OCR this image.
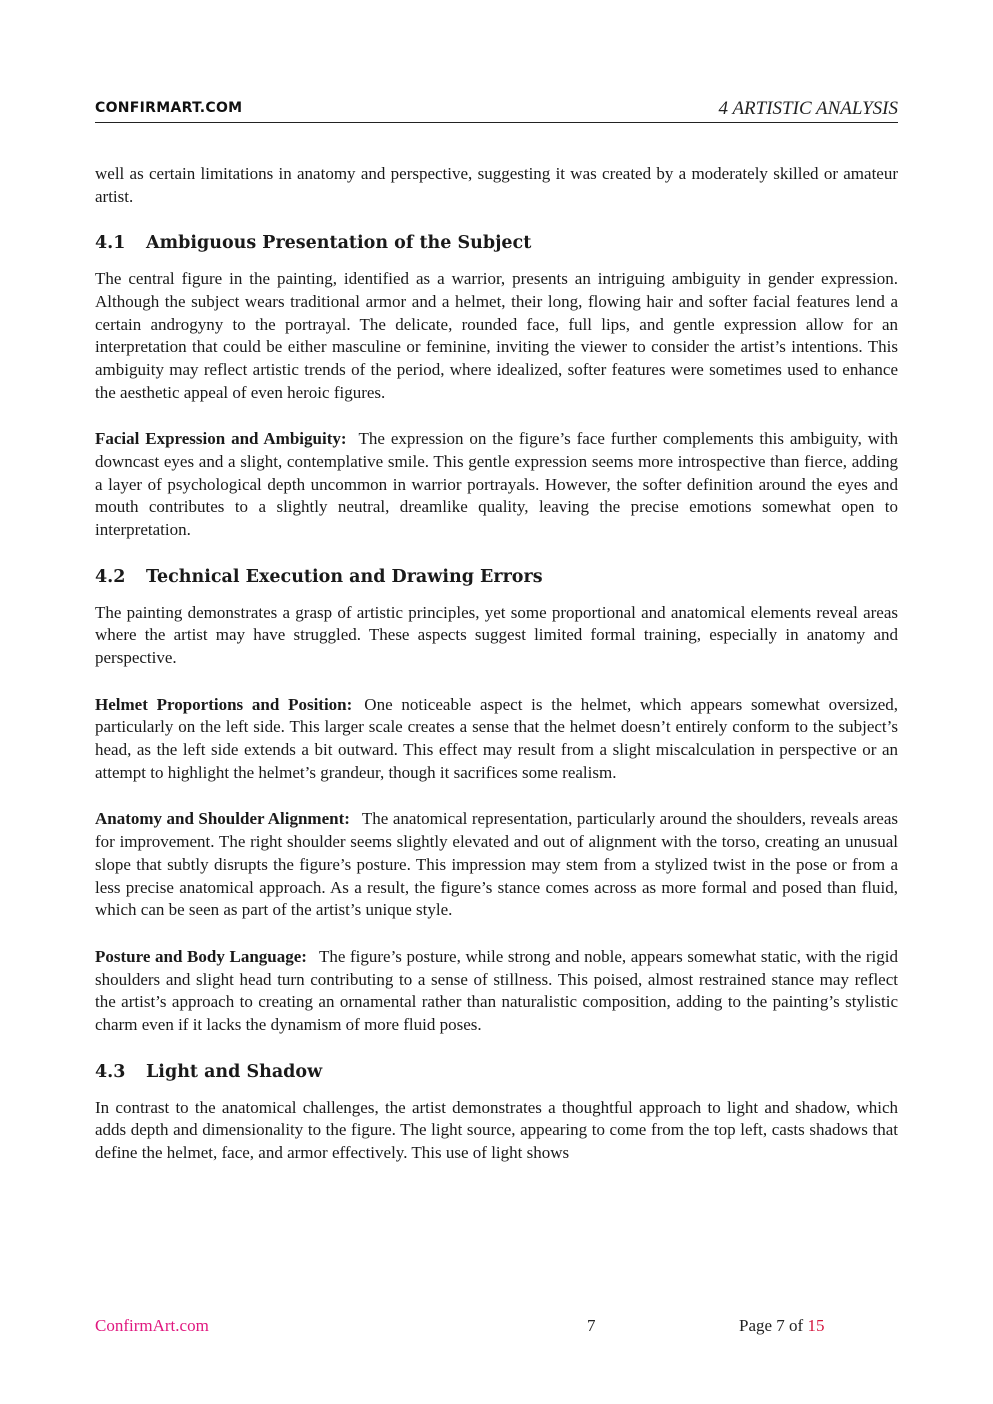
CONFIRMART.COM	4 ARTISTIC ANALYSIS

well as certain limitations in anatomy and perspective, suggesting it was created by a moderately skilled or amateur artist.

4.1 Ambiguous Presentation of the Subject

The central figure in the painting, identified as a warrior, presents an intriguing ambiguity in gender expression. Although the subject wears traditional armor and a helmet, their long, flowing hair and softer facial features lend a certain androgyny to the portrayal. The delicate, rounded face, full lips, and gentle expression allow for an interpretation that could be either masculine or feminine, inviting the viewer to consider the artist’s intentions. This ambiguity may reflect artistic trends of the period, where idealized, softer features were sometimes used to enhance the aesthetic appeal of even heroic figures.

Facial Expression and Ambiguity: The expression on the figure’s face further complements this ambiguity, with downcast eyes and a slight, contemplative smile. This gentle expression seems more introspective than fierce, adding a layer of psychological depth uncommon in warrior portrayals. However, the softer definition around the eyes and mouth contributes to a slightly neutral, dreamlike quality, leaving the precise emotions somewhat open to interpretation.

4.2 Technical Execution and Drawing Errors

The painting demonstrates a grasp of artistic principles, yet some proportional and anatomical elements reveal areas where the artist may have struggled. These aspects suggest limited formal training, especially in anatomy and perspective.

Helmet Proportions and Position: One noticeable aspect is the helmet, which appears somewhat oversized, particularly on the left side. This larger scale creates a sense that the helmet doesn’t entirely conform to the subject’s head, as the left side extends a bit outward. This effect may result from a slight miscalculation in perspective or an attempt to highlight the helmet’s grandeur, though it sacrifices some realism.

Anatomy and Shoulder Alignment: The anatomical representation, particularly around the shoulders, reveals areas for improvement. The right shoulder seems slightly elevated and out of alignment with the torso, creating an unusual slope that subtly disrupts the figure’s posture. This impression may stem from a stylized twist in the pose or from a less precise anatomical approach. As a result, the figure’s stance comes across as more formal and posed than fluid, which can be seen as part of the artist’s unique style.

Posture and Body Language: The figure’s posture, while strong and noble, appears somewhat static, with the rigid shoulders and slight head turn contributing to a sense of stillness. This poised, almost restrained stance may reflect the artist’s approach to creating an ornamental rather than naturalistic composition, adding to the painting’s stylistic charm even if it lacks the dynamism of more fluid poses.

4.3 Light and Shadow

In contrast to the anatomical challenges, the artist demonstrates a thoughtful approach to light and shadow, which adds depth and dimensionality to the figure. The light source, appearing to come from the top left, casts shadows that define the helmet, face, and armor effectively. This use of light shows

ConfirmArt.com	7	Page 7 of 15
